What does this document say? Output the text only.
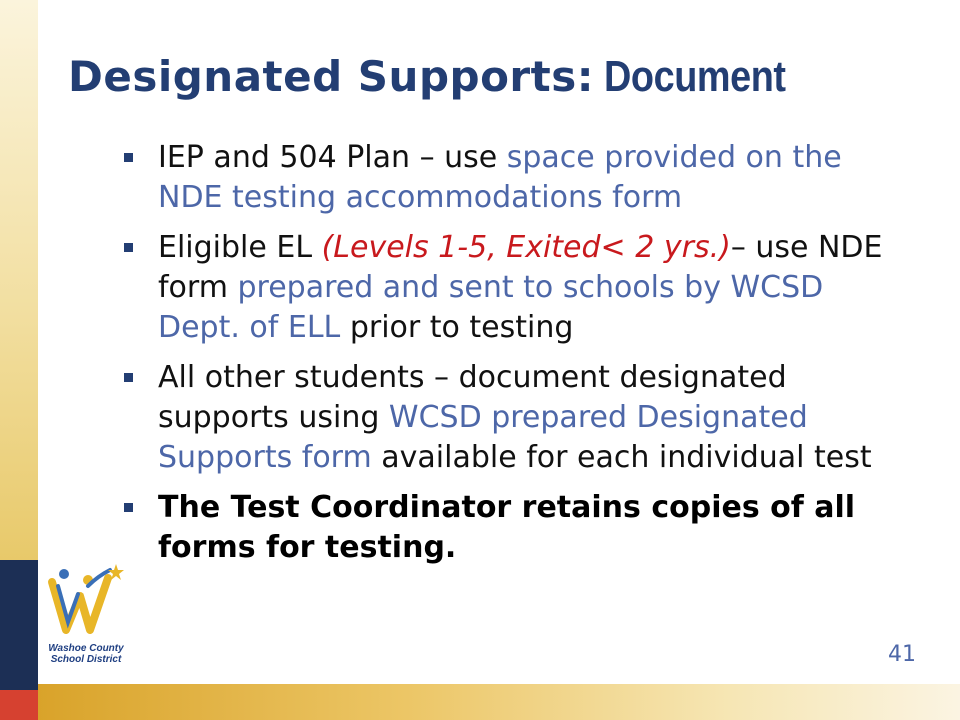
Designated Supports: Document
IEP and 504 Plan – use space provided on the NDE testing accommodations form
Eligible EL (Levels 1-5, Exited< 2 yrs.)– use NDE form prepared and sent to schools by WCSD Dept. of ELL prior to testing
All other students – document designated supports using WCSD prepared Designated Supports form available for each individual test
The Test Coordinator retains copies of all forms for testing.
41
Washoe County
School District
